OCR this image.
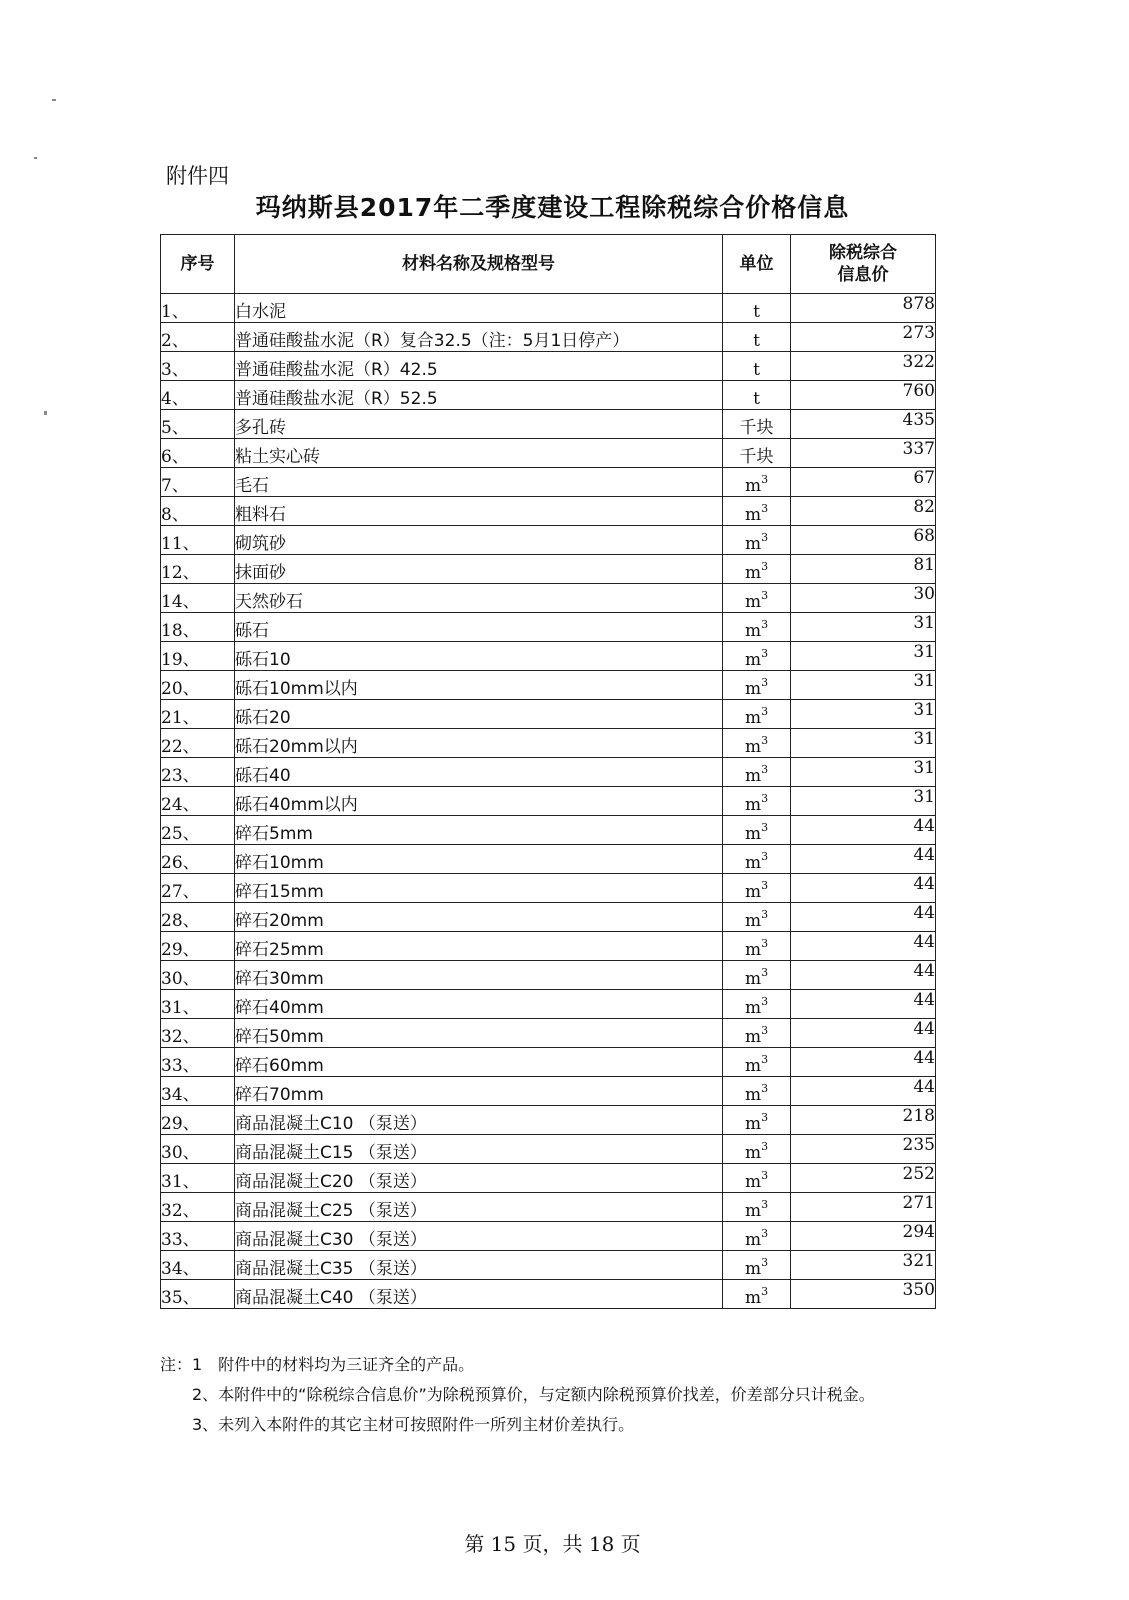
附件四
玛纳斯县2017年二季度建设工程除税综合价格信息
序号	材料名称及规格型号	单位	除税综合信息价
1、	白水泥	t	878
2、	普通硅酸盐水泥（R）复合32.5（注：5月1日停产）	t	273
3、	普通硅酸盐水泥（R）42.5	t	322
4、	普通硅酸盐水泥（R）52.5	t	760
5、	多孔砖	千块	435
6、	粘土实心砖	千块	337
7、	毛石	$m^3$	67
8、	粗料石	$m^3$	82
11、	砌筑砂	$m^3$	68
12、	抹面砂	$m^3$	81
14、	天然砂石	$m^3$	30
18、	砾石	$m^3$	31
19、	砾石10	$m^3$	31
20、	砾石10mm以内	$m^3$	31
21、	砾石20	$m^3$	31
22、	砾石20mm以内	$m^3$	31
23、	砾石40	$m^3$	31
24、	砾石40mm以内	$m^3$	31
25、	碎石5mm	$m^3$	44
26、	碎石10mm	$m^3$	44
27、	碎石15mm	$m^3$	44
28、	碎石20mm	$m^3$	44
29、	碎石25mm	$m^3$	44
30、	碎石30mm	$m^3$	44
31、	碎石40mm	$m^3$	44
32、	碎石50mm	$m^3$	44
33、	碎石60mm	$m^3$	44
34、	碎石70mm	$m^3$	44
29、	商品混凝土C10 （泵送）	$m^3$	218
30、	商品混凝土C15 （泵送）	$m^3$	235
31、	商品混凝土C20 （泵送）	$m^3$	252
32、	商品混凝土C25 （泵送）	$m^3$	271
33、	商品混凝土C30 （泵送）	$m^3$	294
34、	商品混凝土C35 （泵送）	$m^3$	321
35、	商品混凝土C40 （泵送）	$m^3$	350

注：1　附件中的材料均为三证齐全的产品。

　　2、本附件中的“除税综合信息价”为除税预算价，与定额内除税预算价找差，价差部分只计税金。

　　3、未列入本附件的其它主材可按照附件一所列主材价差执行。

第 15 页，共 18 页
